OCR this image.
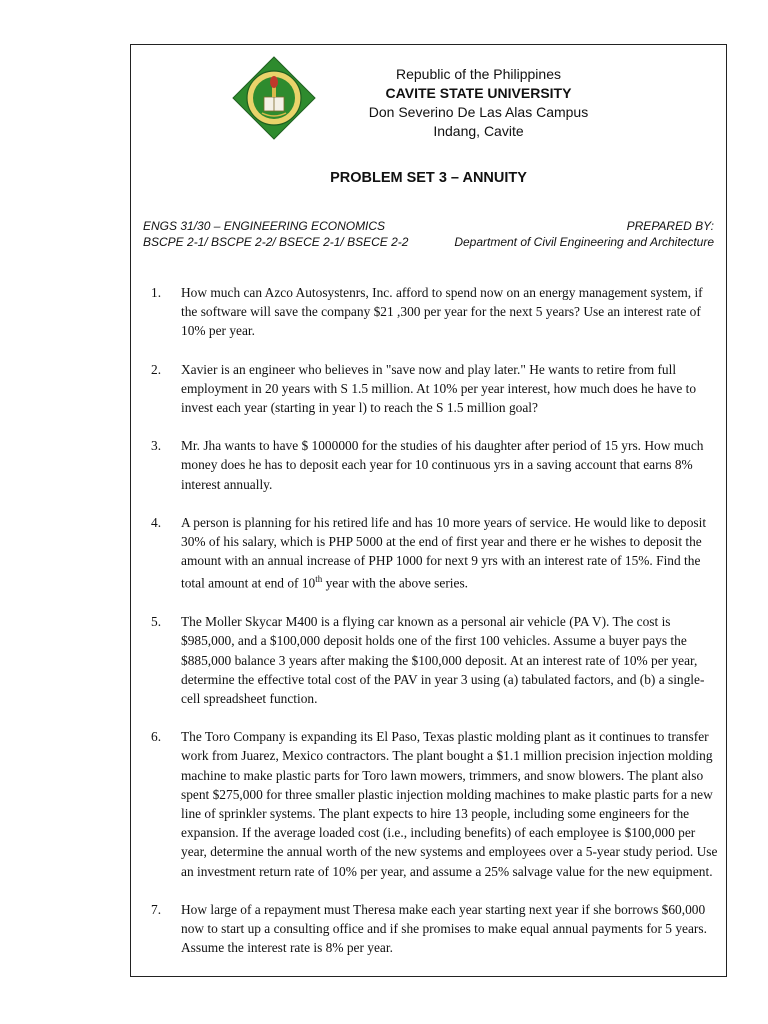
Republic of the Philippines
CAVITE STATE UNIVERSITY
Don Severino De Las Alas Campus
Indang, Cavite
PROBLEM SET 3 – ANNUITY
ENGS 31/30 – ENGINEERING ECONOMICS	PREPARED BY:
BSCPE 2-1/ BSCPE 2-2/ BSECE 2-1/ BSECE 2-2	Department of Civil Engineering and Architecture
1.	How much can Azco Autosystenrs, Inc. afford to spend now on an energy management system, if the software will save the company $21 ,300 per year for the next 5 years? Use an interest rate of 10% per year.
2.	Xavier is an engineer who believes in "save now and play later." He wants to retire from full employment in 20 years with S 1.5 million. At 10% per year interest, how much does he have to invest each year (starting in year l) to reach the S 1.5 million goal?
3.	Mr. Jha wants to have $ 1000000 for the studies of his daughter after period of 15 yrs. How much money does he has to deposit each year for 10 continuous yrs in a saving account that earns 8% interest annually.
4.	A person is planning for his retired life and has 10 more years of service. He would like to deposit 30% of his salary, which is PHP 5000 at the end of first year and there er he wishes to deposit the amount with an annual increase of PHP 1000 for next 9 yrs with an interest rate of 15%. Find the total amount at end of 10th year with the above series.
5.	The Moller Skycar M400 is a flying car known as a personal air vehicle (PA V). The cost is $985,000, and a $100,000 deposit holds one of the first 100 vehicles. Assume a buyer pays the $885,000 balance 3 years after making the $100,000 deposit. At an interest rate of 10% per year, determine the effective total cost of the PAV in year 3 using (a) tabulated factors, and (b) a single-cell spreadsheet function.
6.	The Toro Company is expanding its El Paso, Texas plastic molding plant as it continues to transfer work from Juarez, Mexico contractors. The plant bought a $1.1 million precision injection molding machine to make plastic parts for Toro lawn mowers, trimmers, and snow blowers. The plant also spent $275,000 for three smaller plastic injection molding machines to make plastic parts for a new line of sprinkler systems. The plant expects to hire 13 people, including some engineers for the expansion. If the average loaded cost (i.e., including benefits) of each employee is $100,000 per year, determine the annual worth of the new systems and employees over a 5-year study period. Use an investment return rate of 10% per year, and assume a 25% salvage value for the new equipment.
7.	How large of a repayment must Theresa make each year starting next year if she borrows $60,000 now to start up a consulting office and if she promises to make equal annual payments for 5 years. Assume the interest rate is 8% per year.
